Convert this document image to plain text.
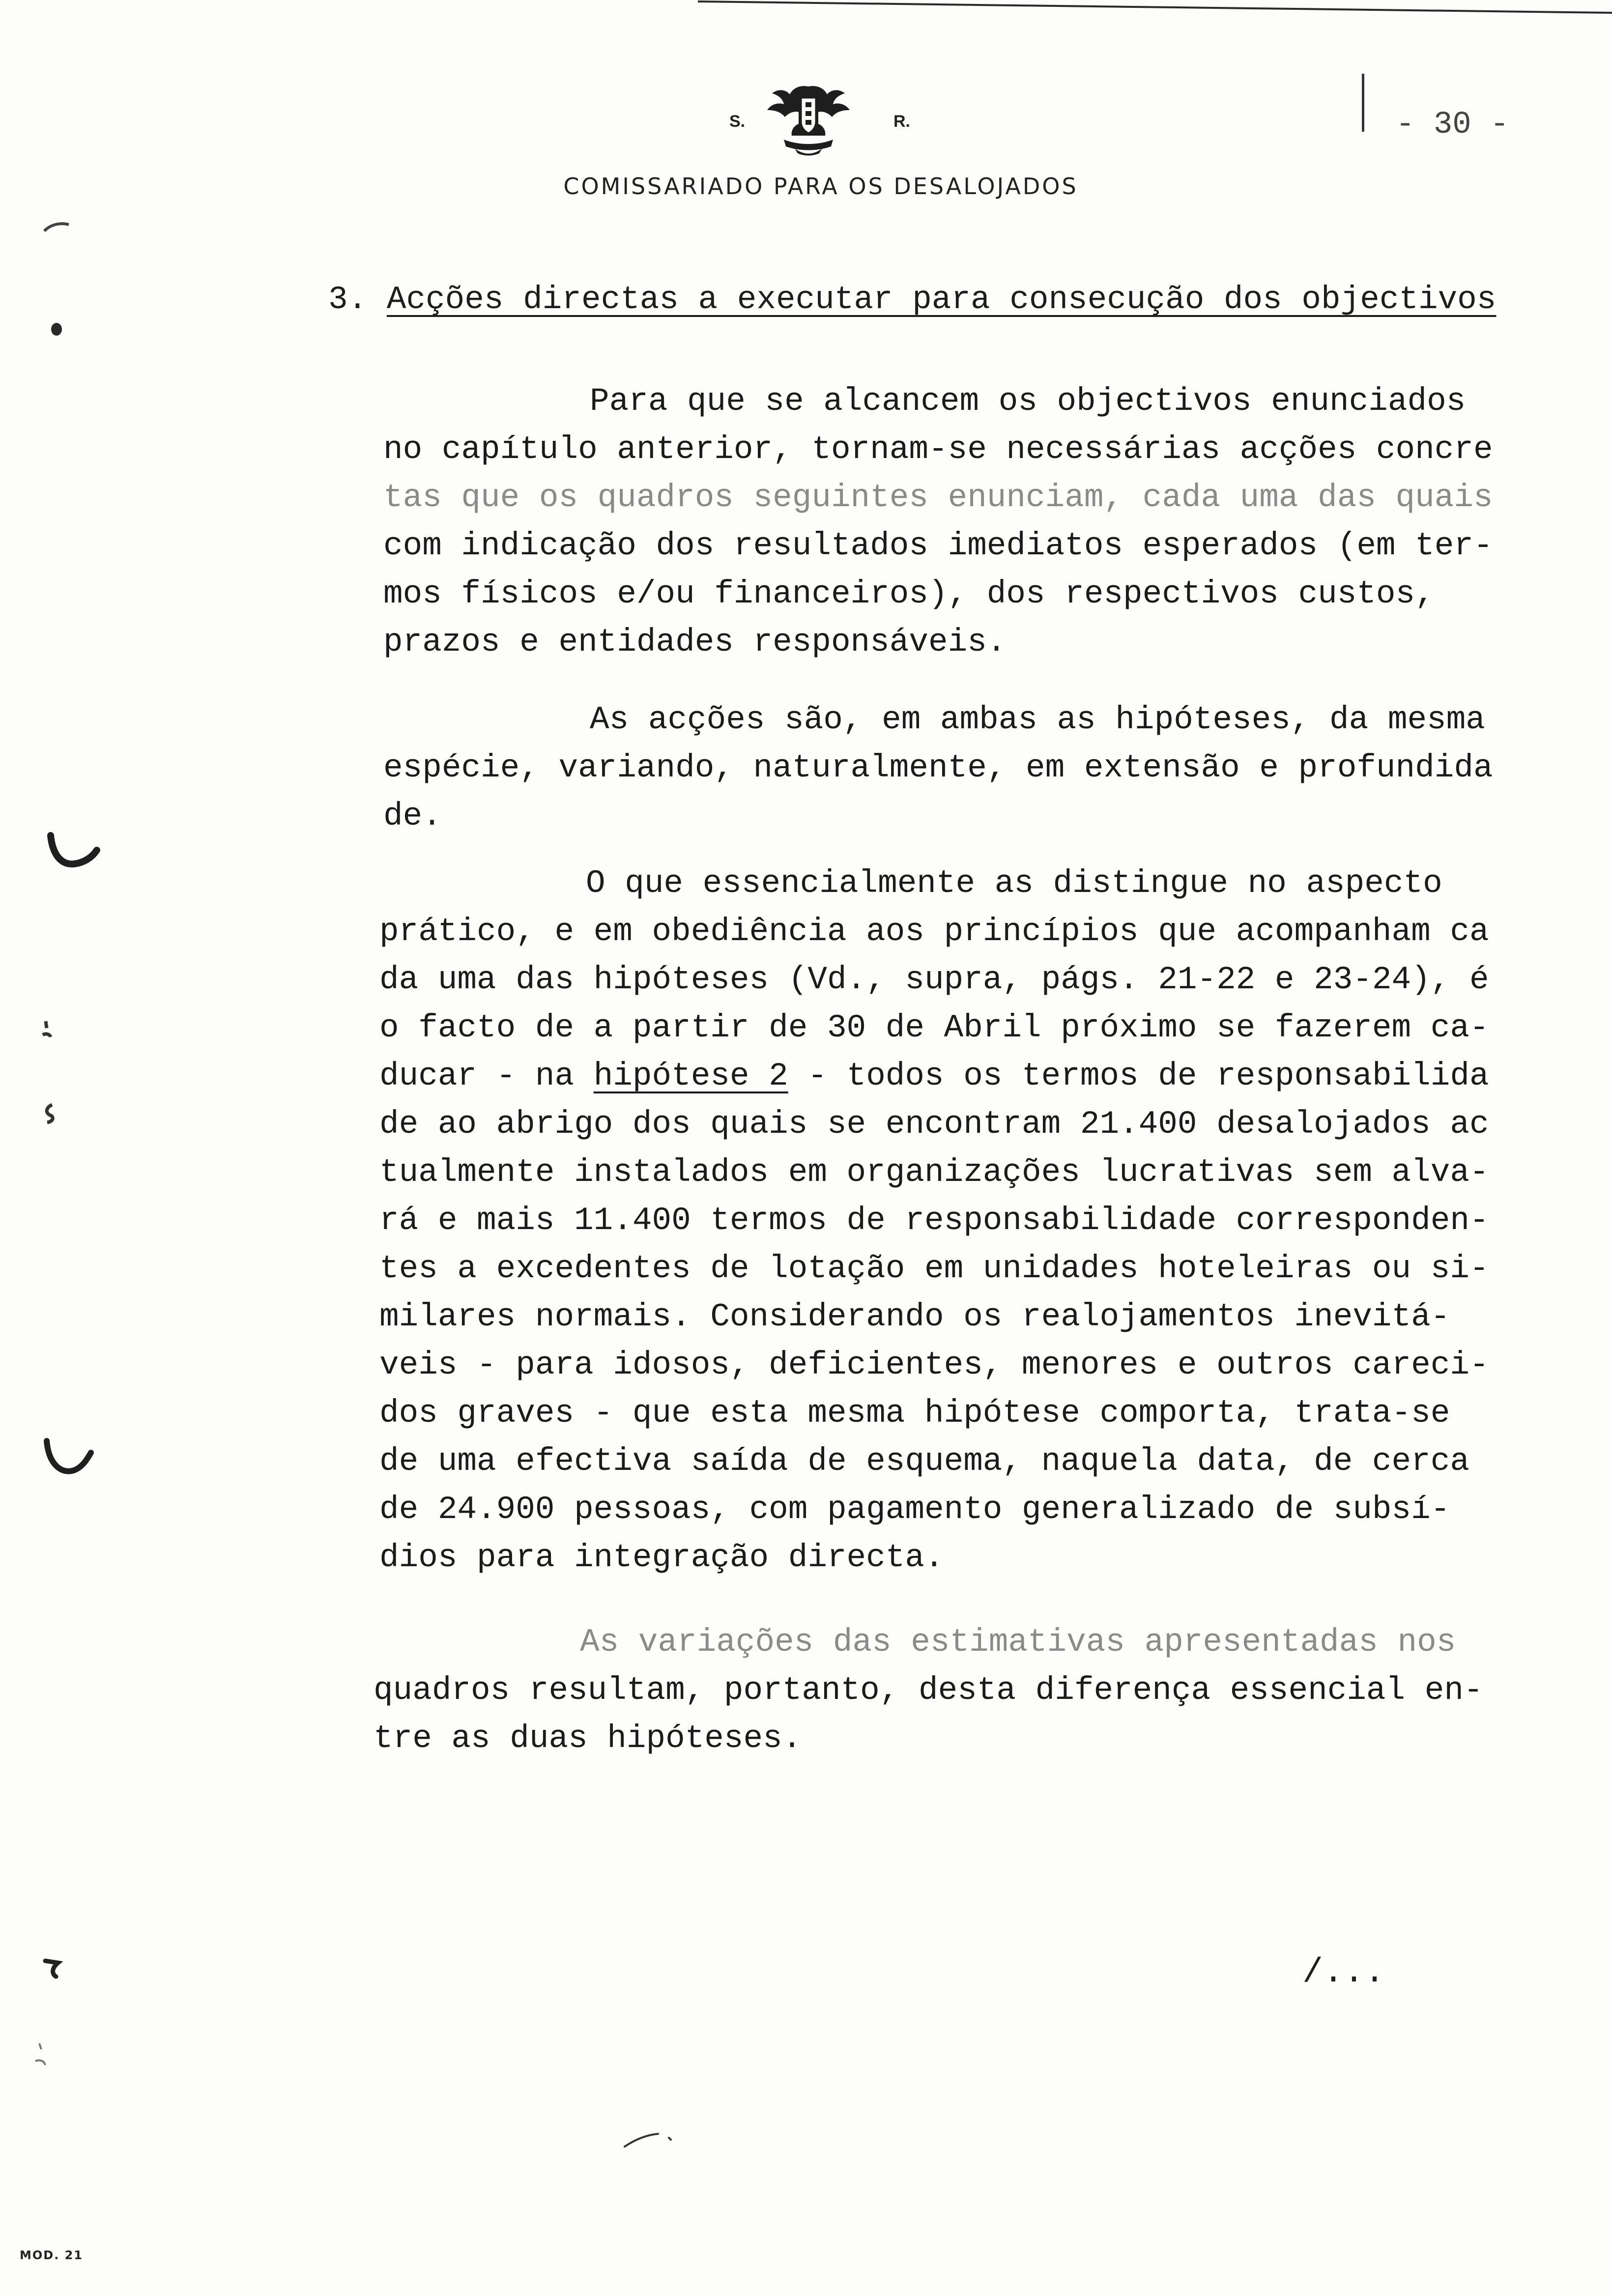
S.	R.
COMISSARIADO PARA OS DESALOJADOS
- 30 -
3. Acções directas a executar para consecução dos objectivos
Para que se alcancem os objectivos enunciados
no capítulo anterior, tornam-se necessárias acções concre
tas que os quadros seguintes enunciam, cada uma das quais
com indicação dos resultados imediatos esperados (em ter-
mos físicos e/ou financeiros), dos respectivos custos,
prazos e entidades responsáveis.
As acções são, em ambas as hipóteses, da mesma
espécie, variando, naturalmente, em extensão e profundida
de.
O que essencialmente as distingue no aspecto
prático, e em obediência aos princípios que acompanham ca
da uma das hipóteses (Vd., supra, págs. 21-22 e 23-24), é
o facto de a partir de 30 de Abril próximo se fazerem ca-
ducar - na hipótese 2 - todos os termos de responsabilida
de ao abrigo dos quais se encontram 21.400 desalojados ac
tualmente instalados em organizações lucrativas sem alva-
rá e mais 11.400 termos de responsabilidade corresponden-
tes a excedentes de lotação em unidades hoteleiras ou si-
milares normais. Considerando os realojamentos inevitá-
veis - para idosos, deficientes, menores e outros careci-
dos graves - que esta mesma hipótese comporta, trata-se
de uma efectiva saída de esquema, naquela data, de cerca
de 24.900 pessoas, com pagamento generalizado de subsí-
dios para integração directa.
As variações das estimativas apresentadas nos
quadros resultam, portanto, desta diferença essencial en-
tre as duas hipóteses.
/...
MOD. 21
